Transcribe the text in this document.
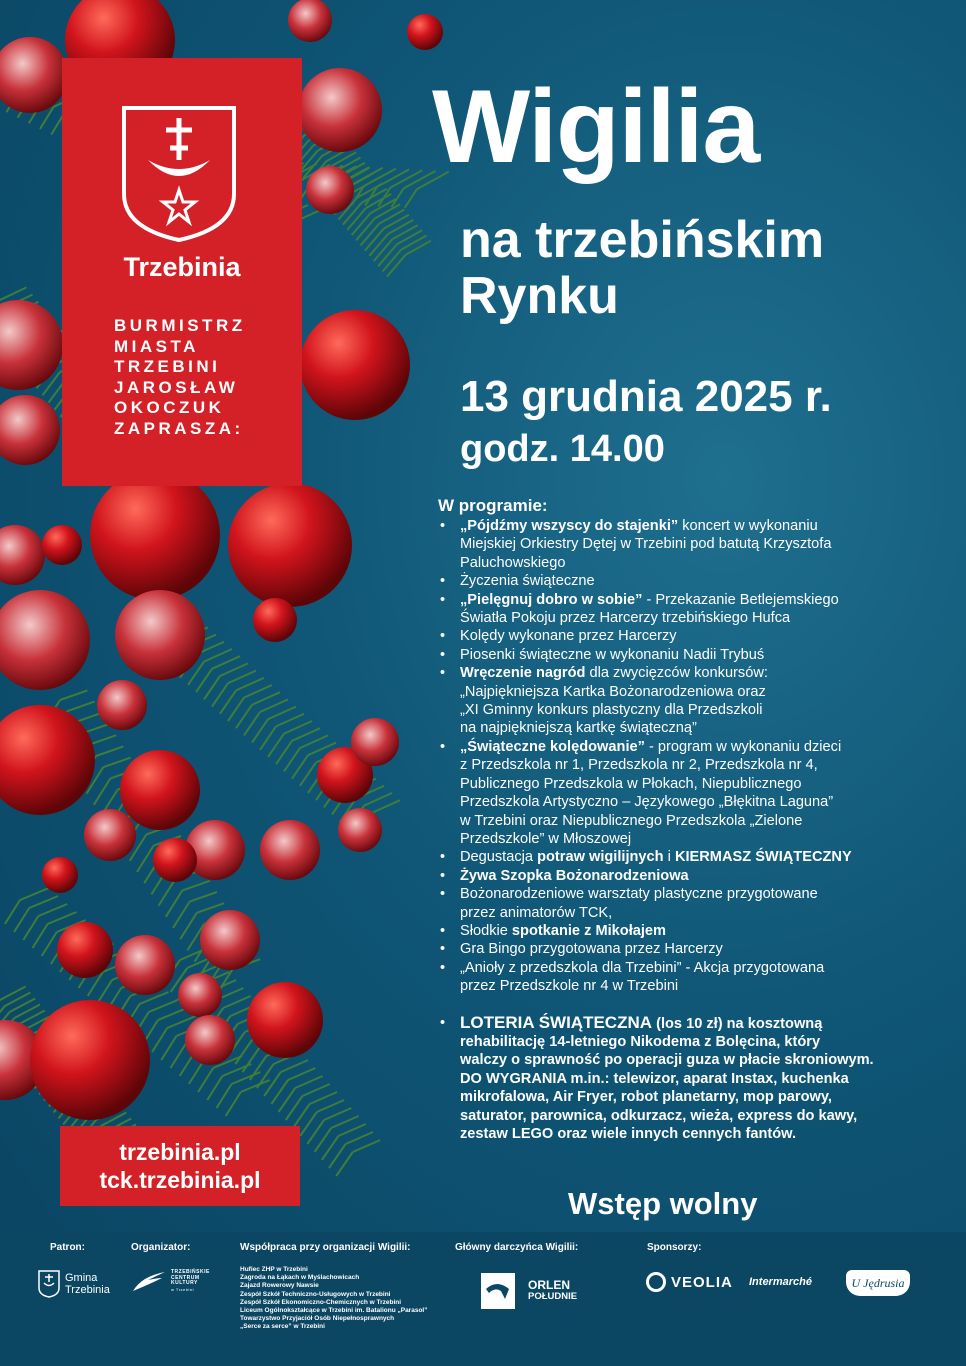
Trzebinia
BURMISTRZ
MIASTA
TRZEBINI
JAROSŁAW
OKOCZUK
ZAPRASZA:
Wigilia
na trzebińskim
Rynku
13 grudnia 2025 r.
godz. 14.00
W programie:
• „Pójdźmy wszyscy do stajenki” koncert w wykonaniu
Miejskiej Orkiestry Dętej w Trzebini pod batutą Krzysztofa
Paluchowskiego
• Życzenia świąteczne
• „Pielęgnuj dobro w sobie” - Przekazanie Betlejemskiego
Światła Pokoju przez Harcerzy trzebińskiego Hufca
• Kolędy wykonane przez Harcerzy
• Piosenki świąteczne w wykonaniu Nadii Trybuś
• Wręczenie nagród dla zwycięzców konkursów:
„Najpiękniejsza Kartka Bożonarodzeniowa oraz
„XI Gminny konkurs plastyczny dla Przedszkoli
na najpiękniejszą kartkę świąteczną”
• „Świąteczne kolędowanie” - program w wykonaniu dzieci
z Przedszkola nr 1, Przedszkola nr 2, Przedszkola nr 4,
Publicznego Przedszkola w Płokach, Niepublicznego
Przedszkola Artystyczno – Językowego „Błękitna Laguna”
w Trzebini oraz Niepublicznego Przedszkola „Zielone
Przedszkole” w Młoszowej
• Degustacja potraw wigilijnych i KIERMASZ ŚWIĄTECZNY
• Żywa Szopka Bożonarodzeniowa
• Bożonarodzeniowe warsztaty plastyczne przygotowane
przez animatorów TCK,
• Słodkie spotkanie z Mikołajem
• Gra Bingo przygotowana przez Harcerzy
• „Anioły z przedszkola dla Trzebini” - Akcja przygotowana
przez Przedszkole nr 4 w Trzebini
• LOTERIA ŚWIĄTECZNA (los 10 zł) na kosztowną
rehabilitację 14-letniego Nikodema z Bolęcina, który
walczy o sprawność po operacji guza w płacie skroniowym.
DO WYGRANIA m.in.: telewizor, aparat Instax, kuchenka
mikrofalowa, Air Fryer, robot planetarny, mop parowy,
saturator, parownica, odkurzacz, wieża, express do kawy,
zestaw LEGO oraz wiele innych cennych fantów.
trzebinia.pl
tck.trzebinia.pl
Wstęp wolny
Patron:
Gmina
Trzebinia
Organizator:
TRZEBIŃSKIE
CENTRUM
KULTURY
w Trzebini
Współpraca przy organizacji Wigilii:
Hufiec ZHP w Trzebini
Zagroda na Łąkach w Myślachowicach
Zajazd Rowerowy Nawsie
Zespół Szkół Techniczno-Usługowych w Trzebini
Zespół Szkół Ekonomiczno-Chemicznych w Trzebini
Liceum Ogólnokształcące w Trzebini im. Batalionu „Parasol”
Towarzystwo Przyjaciół Osób Niepełnosprawnych
„Serce za serce” w Trzebini
Główny darczyńca Wigilii:
ORLEN
POŁUDNIE
Sponsorzy:
VEOLIA Intermarché	U Jędrusia
